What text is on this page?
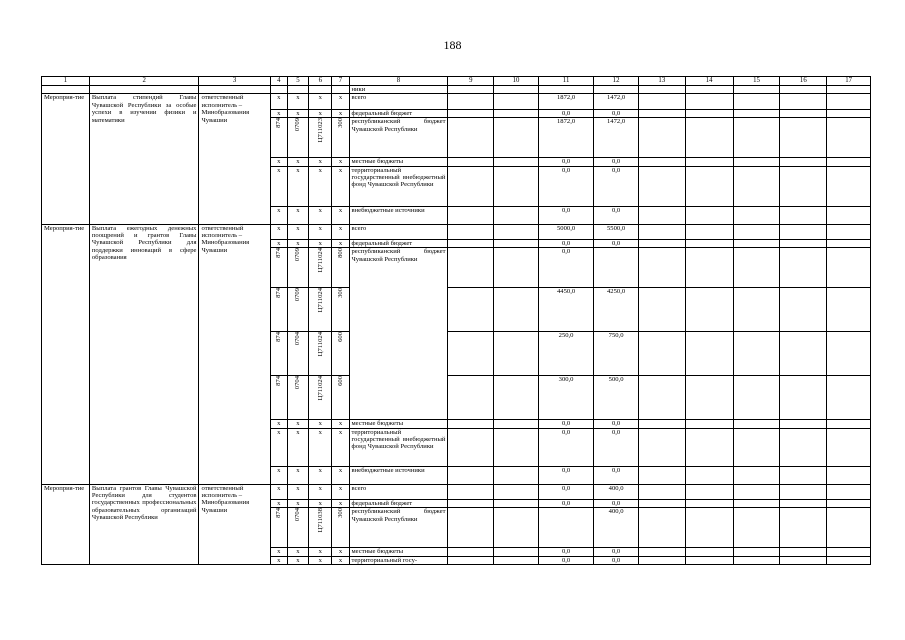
188
1	2	3	4	5	6	7	8	9	10	11	12	13	14	15	16	17
							ники									
Мероприя-тие	Выплата стипендий Главы Чувашской Республики за особые успехи в изучении физики и математики	ответственный исполнитель –	x	x	x	x	всего			1872,0	1472,0					
		Минобразования Чувашии	x	x	x	x	федеральный бюджет			0,0	0,0					
			874	0709	Ц711023	300	республиканский бюджет Чувашской Республики			1872,0	1472,0					
			x	x	x	x	местные бюджеты			0,0	0,0					
			x	x	x	x	территориальный государственный внебюджетный фонд Чувашской Республики			0,0	0,0					
			x	x	x	x	внебюджетные источники			0,0	0,0					
Мероприя-тие	Выплата ежегодных денежных поощрений и грантов Главы Чувашской Республики для поддержки инноваций в сфере образования	ответственный исполнитель –	x	x	x	x	всего			5000,0	5500,0					
		Минобразования Чувашии	x	x	x	x	федеральный бюджет			0,0	0,0					
			874	0709	Ц711024	800	республиканский бюджет Чувашской Республики			0,0						
			874	0709	Ц711024	300				4450,0	4250,0					
			874	0704	Ц711024	600				250,0	750,0					
			874	0704	Ц711024	600				300,0	500,0					
			x	x	x	x	местные бюджеты			0,0	0,0					
			x	x	x	x	территориальный государственный внебюджетный фонд Чувашской Республики			0,0	0,0					
			x	x	x	x	внебюджетные источники			0,0	0,0					
Мероприя-тие	Выплата грантов Главы Чувашской Республики для студентов государственных профессиональных образовательных организаций Чувашской Республики	ответственный исполнитель –	x	x	x	x	всего			0,0	400,0					
		Минобразования Чувашии	x	x	x	x	федеральный бюджет			0,0	0,0					
			874	0704	Ц711038	300	республиканский бюджет Чувашской Республики				400,0					
			x	x	x	x	местные бюджеты			0,0	0,0					
			x	x	x	x	территориальный госу-			0,0	0,0					
